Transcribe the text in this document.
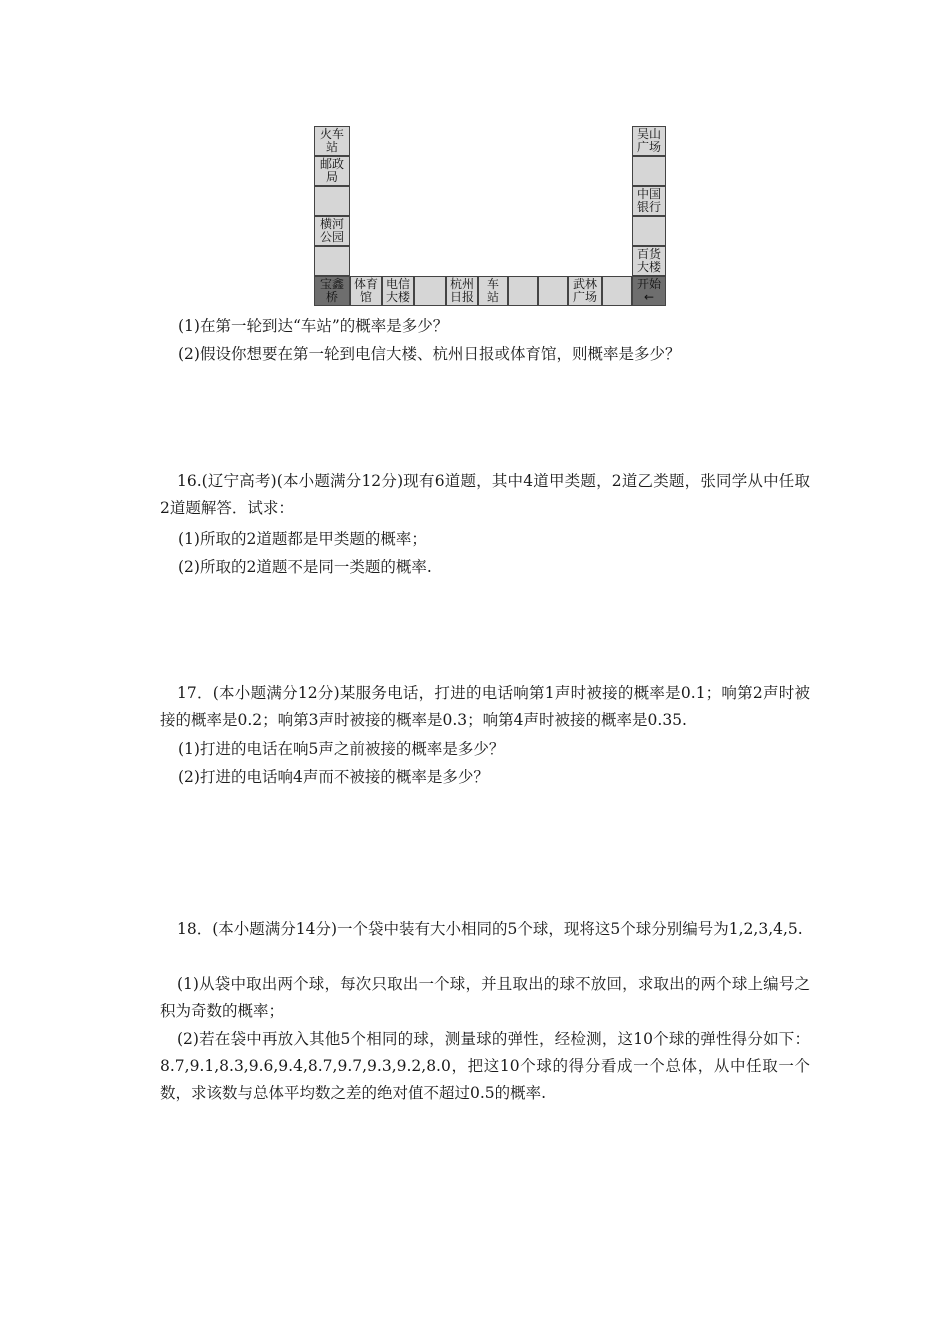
火车
站
邮政
局
横河
公园
吴山
广场
中国
银行
百货
大楼
宝鑫
桥
体育
馆
电信
大楼
杭州
日报
车
站
武林
广场
开始
←
(1)在第一轮到达“车站”的概率是多少？
(2)假设你想要在第一轮到电信大楼、杭州日报或体育馆，则概率是多少？
16.(辽宁高考)(本小题满分12分)现有6道题，其中4道甲类题，2道乙类题，张同学从中任取2道题解答．试求：
(1)所取的2道题都是甲类题的概率；
(2)所取的2道题不是同一类题的概率.
17．(本小题满分12分)某服务电话，打进的电话响第1声时被接的概率是0.1；响第2声时被接的概率是0.2；响第3声时被接的概率是0.3；响第4声时被接的概率是0.35.
(1)打进的电话在响5声之前被接的概率是多少？
(2)打进的电话响4声而不被接的概率是多少？
18．(本小题满分14分)一个袋中装有大小相同的5个球，现将这5个球分别编号为1,2,3,4,5.
(1)从袋中取出两个球，每次只取出一个球，并且取出的球不放回，求取出的两个球上编号之积为奇数的概率；
(2)若在袋中再放入其他5个相同的球，测量球的弹性，经检测，这10个球的弹性得分如下：8.7,9.1,8.3,9.6,9.4,8.7,9.7,9.3,9.2,8.0，把这10个球的得分看成一个总体，从中任取一个数，求该数与总体平均数之差的绝对值不超过0.5的概率.
